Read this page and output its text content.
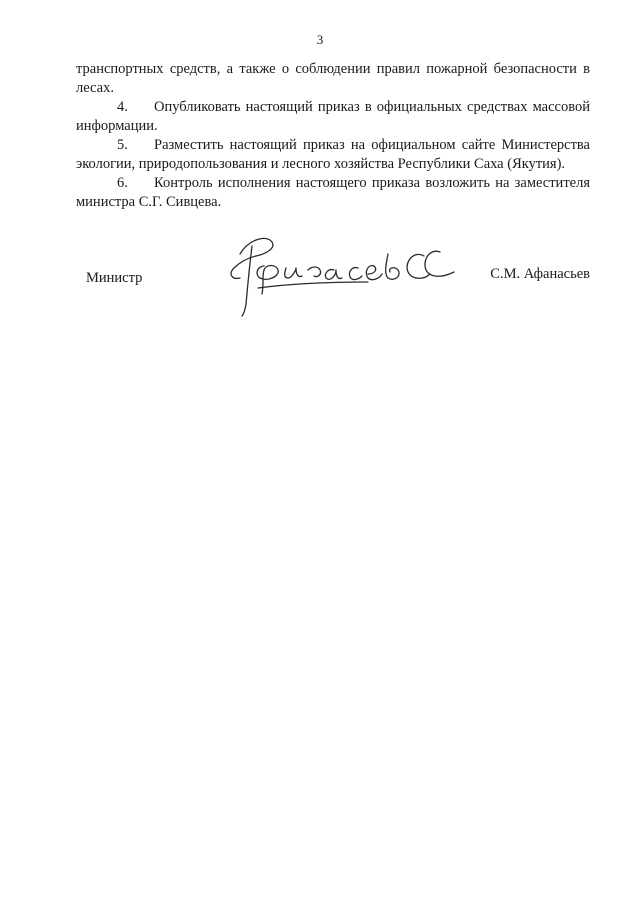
3

транспортных средств, а также о соблюдении правил пожарной безопасности в лесах.

4. Опубликовать настоящий приказ в официальных средствах массовой информации.

5. Разместить настоящий приказ на официальном сайте Министерства экологии, природопользования и лесного хозяйства Республики Саха (Якутия).

6. Контроль исполнения настоящего приказа возложить на заместителя министра С.Г. Сивцева.

Министр	С.М. Афанасьев
